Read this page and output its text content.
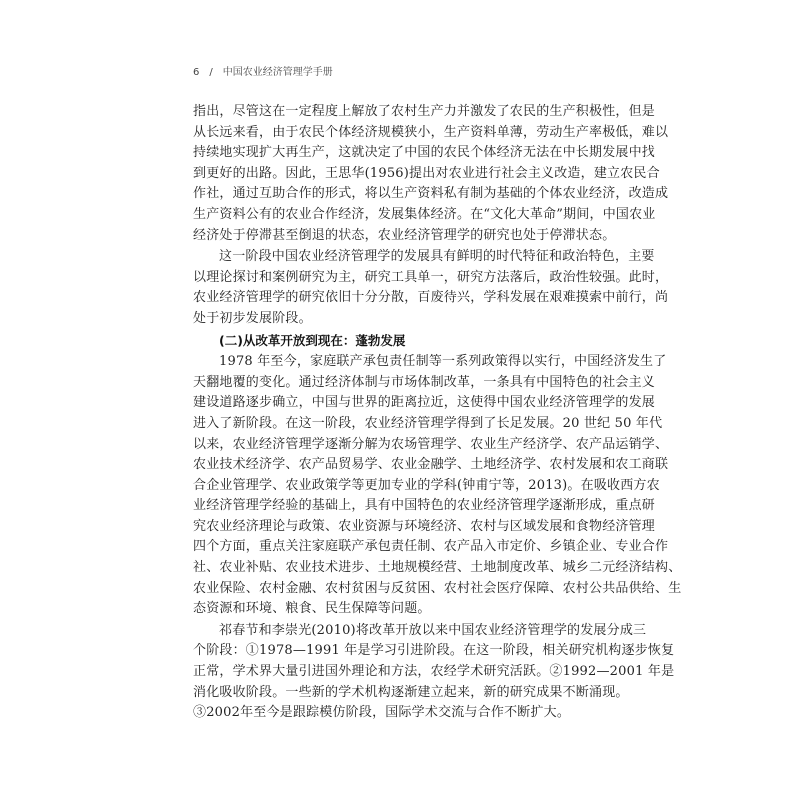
6 / 中国农业经济管理学手册
指出，尽管这在一定程度上解放了农村生产力并激发了农民的生产积极性，但是
从长远来看，由于农民个体经济规模狭小，生产资料单薄，劳动生产率极低，难以
持续地实现扩大再生产，这就决定了中国的农民个体经济无法在中长期发展中找
到更好的出路。因此，王思华(1956)提出对农业进行社会主义改造，建立农民合
作社，通过互助合作的形式，将以生产资料私有制为基础的个体农业经济，改造成
生产资料公有的农业合作经济，发展集体经济。在“文化大革命”期间，中国农业
经济处于停滞甚至倒退的状态，农业经济管理学的研究也处于停滞状态。
这一阶段中国农业经济管理学的发展具有鲜明的时代特征和政治特色，主要
以理论探讨和案例研究为主，研究工具单一，研究方法落后，政治性较强。此时，
农业经济管理学的研究依旧十分分散，百废待兴，学科发展在艰难摸索中前行，尚
处于初步发展阶段。
(二)从改革开放到现在：蓬勃发展
1978 年至今，家庭联产承包责任制等一系列政策得以实行，中国经济发生了
天翻地覆的变化。通过经济体制与市场体制改革，一条具有中国特色的社会主义
建设道路逐步确立，中国与世界的距离拉近，这使得中国农业经济管理学的发展
进入了新阶段。在这一阶段，农业经济管理学得到了长足发展。20 世纪 50 年代
以来，农业经济管理学逐渐分解为农场管理学、农业生产经济学、农产品运销学、
农业技术经济学、农产品贸易学、农业金融学、土地经济学、农村发展和农工商联
合企业管理学、农业政策学等更加专业的学科(钟甫宁等，2013)。在吸收西方农
业经济管理学经验的基础上，具有中国特色的农业经济管理学逐渐形成，重点研
究农业经济理论与政策、农业资源与环境经济、农村与区域发展和食物经济管理
四个方面，重点关注家庭联产承包责任制、农产品入市定价、乡镇企业、专业合作
社、农业补贴、农业技术进步、土地规模经营、土地制度改革、城乡二元经济结构、
农业保险、农村金融、农村贫困与反贫困、农村社会医疗保障、农村公共品供给、生
态资源和环境、粮食、民生保障等问题。
祁春节和李崇光(2010)将改革开放以来中国农业经济管理学的发展分成三
个阶段：①1978—1991 年是学习引进阶段。在这一阶段，相关研究机构逐步恢复
正常，学术界大量引进国外理论和方法，农经学术研究活跃。②1992—2001 年是
消化吸收阶段。一些新的学术机构逐渐建立起来，新的研究成果不断涌现。
③2002年至今是跟踪模仿阶段，国际学术交流与合作不断扩大。
